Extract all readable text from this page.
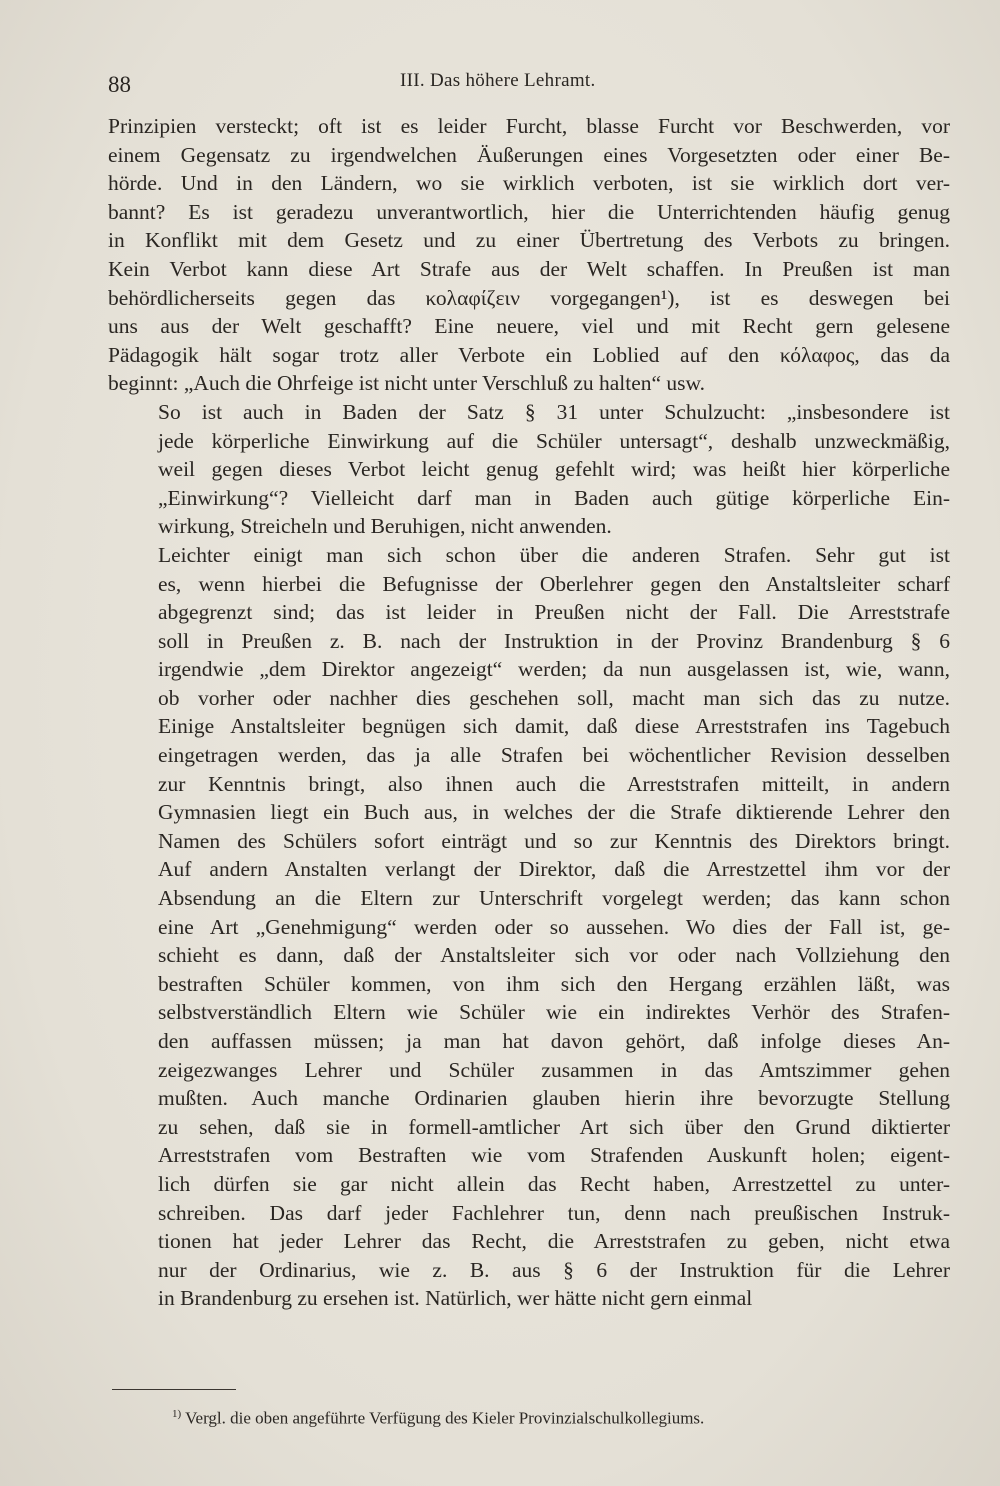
88	III. Das höhere Lehramt.

Prinzipien versteckt; oft ist es leider Furcht, blasse Furcht vor Beschwerden, vor
einem Gegensatz zu irgendwelchen Äußerungen eines Vorgesetzten oder einer Be-
hörde. Und in den Ländern, wo sie wirklich verboten, ist sie wirklich dort ver-
bannt? Es ist geradezu unverantwortlich, hier die Unterrichtenden häufig genug
in Konflikt mit dem Gesetz und zu einer Übertretung des Verbots zu bringen.
Kein Verbot kann diese Art Strafe aus der Welt schaffen. In Preußen ist man
behördlicherseits gegen das κολαφίζειν vorgegangen¹), ist es deswegen bei
uns aus der Welt geschafft? Eine neuere, viel und mit Recht gern gelesene
Pädagogik hält sogar trotz aller Verbote ein Loblied auf den κόλαφος, das da
beginnt: „Auch die Ohrfeige ist nicht unter Verschluß zu halten“ usw.

So ist auch in Baden der Satz § 31 unter Schulzucht: „insbesondere ist
jede körperliche Einwirkung auf die Schüler untersagt“, deshalb unzweckmäßig,
weil gegen dieses Verbot leicht genug gefehlt wird; was heißt hier körperliche
„Einwirkung“? Vielleicht darf man in Baden auch gütige körperliche Ein-
wirkung, Streicheln und Beruhigen, nicht anwenden.

Leichter einigt man sich schon über die anderen Strafen. Sehr gut ist
es, wenn hierbei die Befugnisse der Oberlehrer gegen den Anstaltsleiter scharf
abgegrenzt sind; das ist leider in Preußen nicht der Fall. Die Arreststrafe
soll in Preußen z. B. nach der Instruktion in der Provinz Brandenburg § 6
irgendwie „dem Direktor angezeigt“ werden; da nun ausgelassen ist, wie, wann,
ob vorher oder nachher dies geschehen soll, macht man sich das zu nutze.
Einige Anstaltsleiter begnügen sich damit, daß diese Arreststrafen ins Tagebuch
eingetragen werden, das ja alle Strafen bei wöchentlicher Revision desselben
zur Kenntnis bringt, also ihnen auch die Arreststrafen mitteilt, in andern
Gymnasien liegt ein Buch aus, in welches der die Strafe diktierende Lehrer den
Namen des Schülers sofort einträgt und so zur Kenntnis des Direktors bringt.
Auf andern Anstalten verlangt der Direktor, daß die Arrestzettel ihm vor der
Absendung an die Eltern zur Unterschrift vorgelegt werden; das kann schon
eine Art „Genehmigung“ werden oder so aussehen. Wo dies der Fall ist, ge-
schieht es dann, daß der Anstaltsleiter sich vor oder nach Vollziehung den
bestraften Schüler kommen, von ihm sich den Hergang erzählen läßt, was
selbstverständlich Eltern wie Schüler wie ein indirektes Verhör des Strafen-
den auffassen müssen; ja man hat davon gehört, daß infolge dieses An-
zeigezwanges Lehrer und Schüler zusammen in das Amtszimmer gehen
mußten. Auch manche Ordinarien glauben hierin ihre bevorzugte Stellung
zu sehen, daß sie in formell-amtlicher Art sich über den Grund diktierter
Arreststrafen vom Bestraften wie vom Strafenden Auskunft holen; eigent-
lich dürfen sie gar nicht allein das Recht haben, Arrestzettel zu unter-
schreiben. Das darf jeder Fachlehrer tun, denn nach preußischen Instruk-
tionen hat jeder Lehrer das Recht, die Arreststrafen zu geben, nicht etwa
nur der Ordinarius, wie z. B. aus § 6 der Instruktion für die Lehrer
in Brandenburg zu ersehen ist. Natürlich, wer hätte nicht gern einmal

$^{1)}$ Vergl. die oben angeführte Verfügung des Kieler Provinzialschulkollegiums.
